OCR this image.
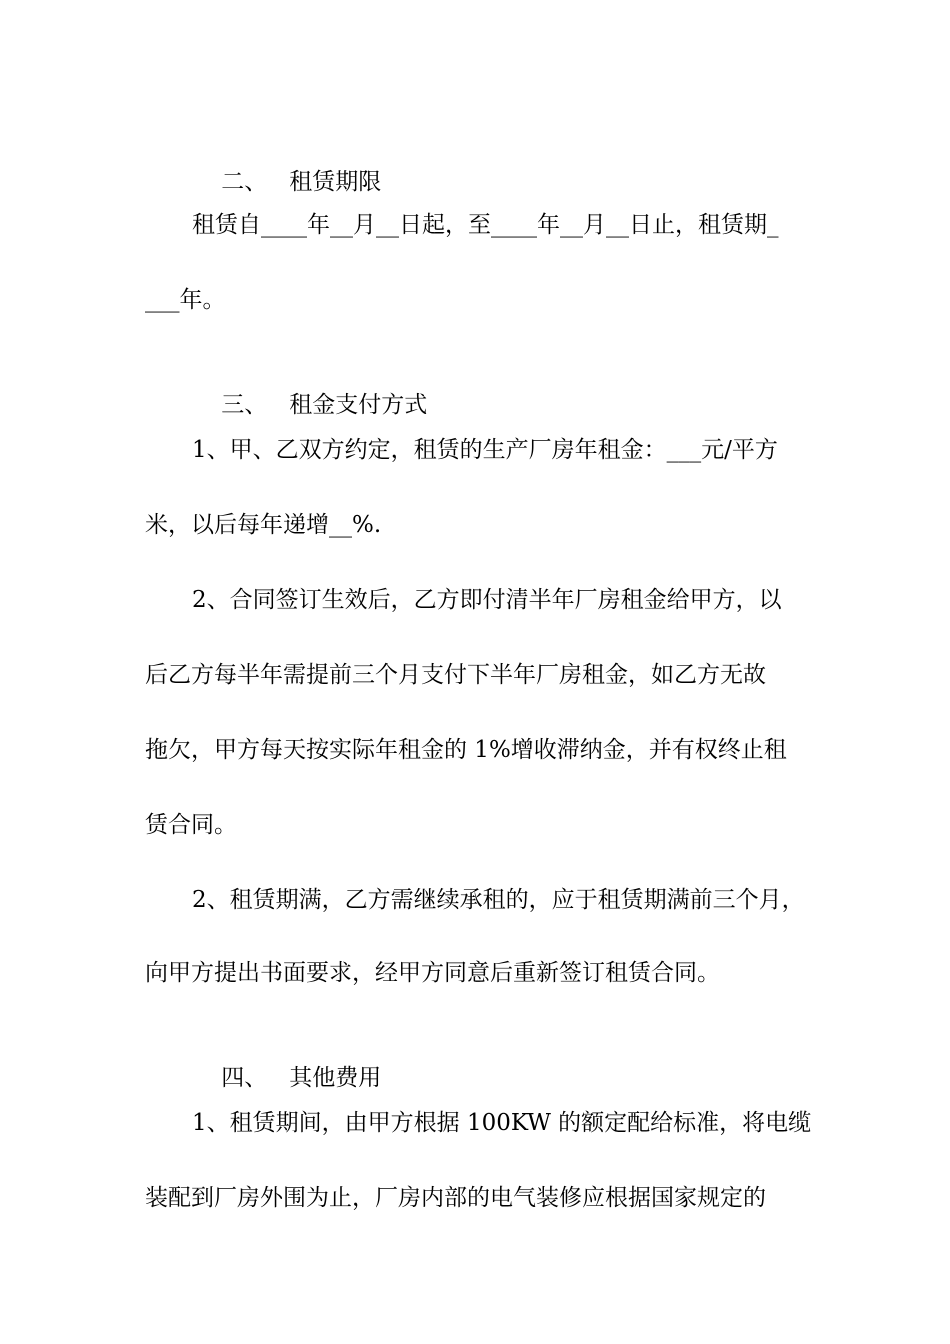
二、 租赁期限

租赁自____年__月__日起，至____年__月__日止，租赁期_
___年。

三、 租金支付方式

1、甲、乙双方约定，租赁的生产厂房年租金：___元/平方
米，以后每年递增__%.
2、合同签订生效后，乙方即付清半年厂房租金给甲方，以
后乙方每半年需提前三个月支付下半年厂房租金，如乙方无故
拖欠，甲方每天按实际年租金的 1%增收滞纳金，并有权终止租
赁合同。
2、租赁期满，乙方需继续承租的，应于租赁期满前三个月，
向甲方提出书面要求，经甲方同意后重新签订租赁合同。

四、 其他费用

1、租赁期间，由甲方根据 100KW 的额定配给标准，将电缆
装配到厂房外围为止，厂房内部的电气装修应根据国家规定的
